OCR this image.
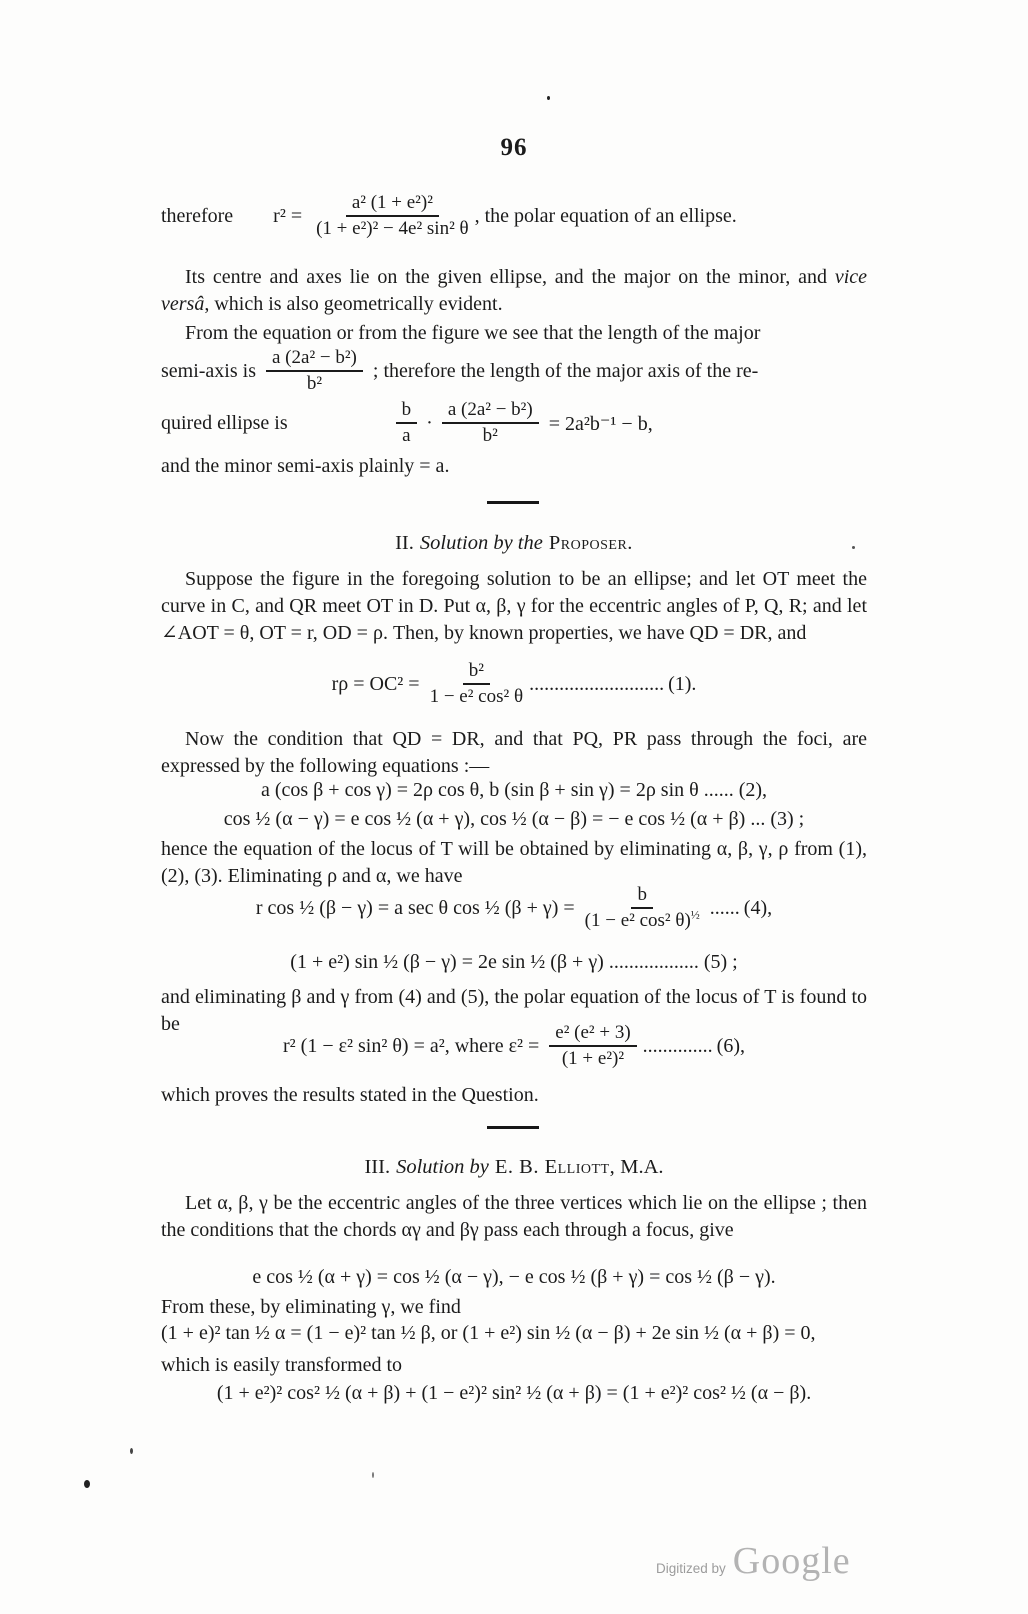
96
therefore $r^2 = \frac{\text{a² (1 + e²)²}}{\text{(1 + e²)² − 4e² sin² θ}}$ , the polar equation of an ellipse.

Its centre and axes lie on the given ellipse, and the major on the minor, and vice versâ, which is also geometrically evident.

From the equation or from the figure we see that the length of the major

semi-axis is $\frac{\text{a (2a² − b²)}}{\text{b²}}$ ; therefore the length of the major axis of the re-
quired ellipse is	$\frac{b}{a} \cdot \frac{\text{a (2a² − b²)}}{\text{b²}} = 2a^2b^{-1} - b$,

and the minor semi-axis plainly = a.

II. Solution by the Proposer.

Suppose the figure in the foregoing solution to be an ellipse; and let OT meet the curve in C, and QR meet OT in D. Put α, β, γ for the eccentric angles of P, Q, R; and let ∠AOT = θ, OT = r, OD = ρ. Then, by known properties, we have QD = DR, and

$r\rho = OC^2 = \frac{\text{b²}}{\text{1 − e² cos² θ}}$ ........................... (1).

Now the condition that QD = DR, and that PQ, PR pass through the foci, are expressed by the following equations :—

a (cos β + cos γ) = 2ρ cos θ, b (sin β + sin γ) = 2ρ sin θ ...... (2),
cos ½ (α − γ) = e cos ½ (α + γ), cos ½ (α − β) = − e cos ½ (α + β) ... (3) ;

hence the equation of the locus of T will be obtained by eliminating α, β, γ, ρ from (1), (2), (3). Eliminating ρ and α, we have

r cos ½ (β − γ) = a sec θ cos ½ $(\beta + \gamma) = \frac{b}{(1 - e^2 \cos^2 \theta)^{\frac{1}{2}}}$ ...... (4),
(1 + e²) sin ½ (β − γ) = 2e sin ½ (β + γ) .................. (5) ;

and eliminating β and γ from (4) and (5), the polar equation of the locus of T is found to be

r² (1 − ε² sin² θ) = a², where $\varepsilon^2 = \frac{\text{e² (e² + 3)}}{\text{(1 + e²)²}}$ .............. (6),

which proves the results stated in the Question.

III. Solution by E. B. Elliott, M.A.

Let α, β, γ be the eccentric angles of the three vertices which lie on the ellipse ; then the conditions that the chords αγ and βγ pass each through a focus, give

e cos ½ (α + γ) = cos ½ (α − γ), − e cos ½ (β + γ) = cos ½ (β − γ).

From these, by eliminating γ, we find

(1 + e)² tan ½ α = (1 − e)² tan ½ β, or (1 + e²) sin ½ (α − β) + 2e sin ½ (α + β) = 0,

which is easily transformed to

(1 + e²)² cos² ½ (α + β) + (1 − e²)² sin² ½ (α + β) = (1 + e²)² cos² ½ (α − β).
Digitized by Google
